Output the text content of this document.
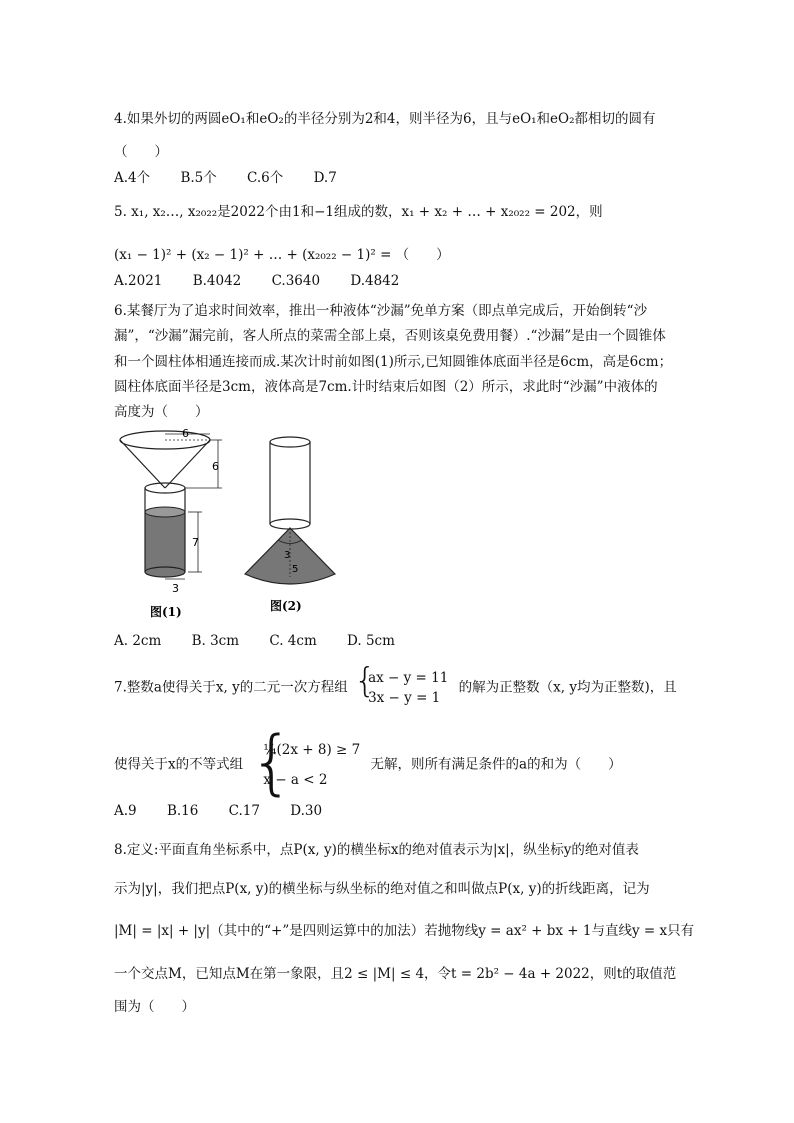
4.如果外切的两圆eO₁和eO₂的半径分别为2和4，则半径为6，且与eO₁和eO₂都相切的圆有
（　　）
A.4个 B.5个 C.6个 D.7
5. x₁, x₂…, x₂₀₂₂是2022个由1和−1组成的数，x₁ + x₂ + … + x₂₀₂₂ = 202，则
(x₁ − 1)² + (x₂ − 1)² + … + (x₂₀₂₂ − 1)² = （　　）
A.2021 B.4042 C.3640 D.4842
6.某餐厅为了追求时间效率，推出一种液体“沙漏”免单方案（即点单完成后，开始倒转“沙
漏”，“沙漏”漏完前，客人所点的菜需全部上桌，否则该桌免费用餐）.“沙漏”是由一个圆锥体
和一个圆柱体相通连接而成.某次计时前如图(1)所示,已知圆锥体底面半径是6cm，高是6cm；
圆柱体底面半径是3cm，液体高是7cm.计时结束后如图（2）所示，求此时“沙漏”中液体的
高度为（　　）
6
6
7
3
图(1)
3
5
图(2)
A. 2cm B. 3cm C. 4cm D. 5cm
7.整数a使得关于x, y的二元一次方程组
{ ax − y = 11
3x − y = 1
的解为正整数（x, y均为正整数)，且
使得关于x的不等式组
{ ¼(2x + 8) ≥ 7
x − a < 2
无解，则所有满足条件的a的和为（　　）
A.9 B.16 C.17 D.30
8.定义:平面直角坐标系中，点P(x, y)的横坐标x的绝对值表示为|x|，纵坐标y的绝对值表
示为|y|，我们把点P(x, y)的横坐标与纵坐标的绝对值之和叫做点P(x, y)的折线距离，记为
|M| = |x| + |y|（其中的“+”是四则运算中的加法）若抛物线y = ax² + bx + 1与直线y = x只有
一个交点M，已知点M在第一象限，且2 ≤ |M| ≤ 4，令t = 2b² − 4a + 2022，则t的取值范
围为（　　）
